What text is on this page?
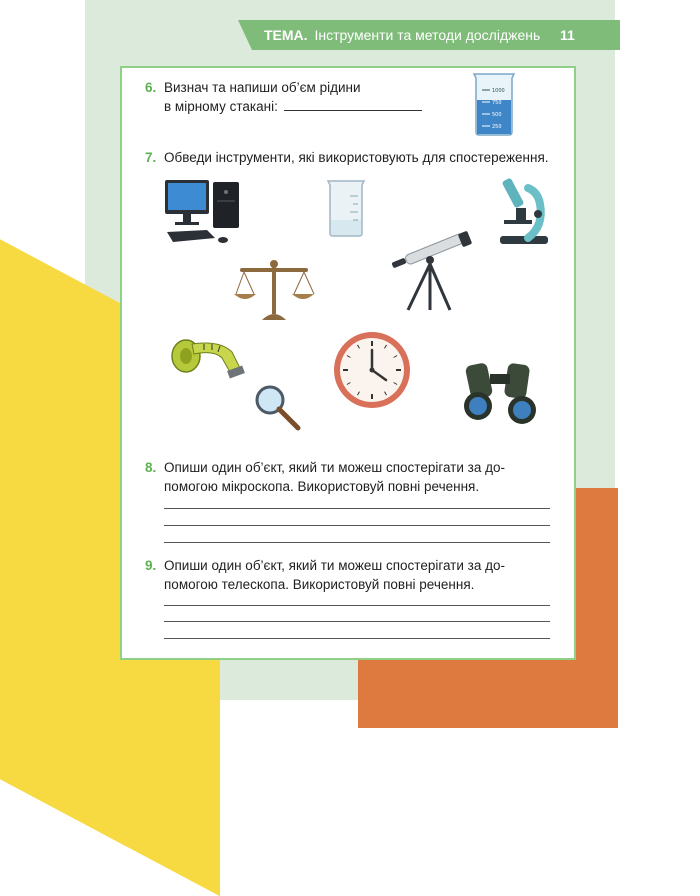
ТЕМА. Інструменти та методи досліджень 11
6. Визнач та напиши об’єм рідини
в мірному стакані:
1000
750
500
250
7. Обведи інструменти, які використовують для спостереження.
8. Опиши один об’єкт, який ти можеш спостерігати за до-
помогою мікроскопа. Використовуй повні речення.
9. Опиши один об’єкт, який ти можеш спостерігати за до-
помогою телескопа. Використовуй повні речення.
